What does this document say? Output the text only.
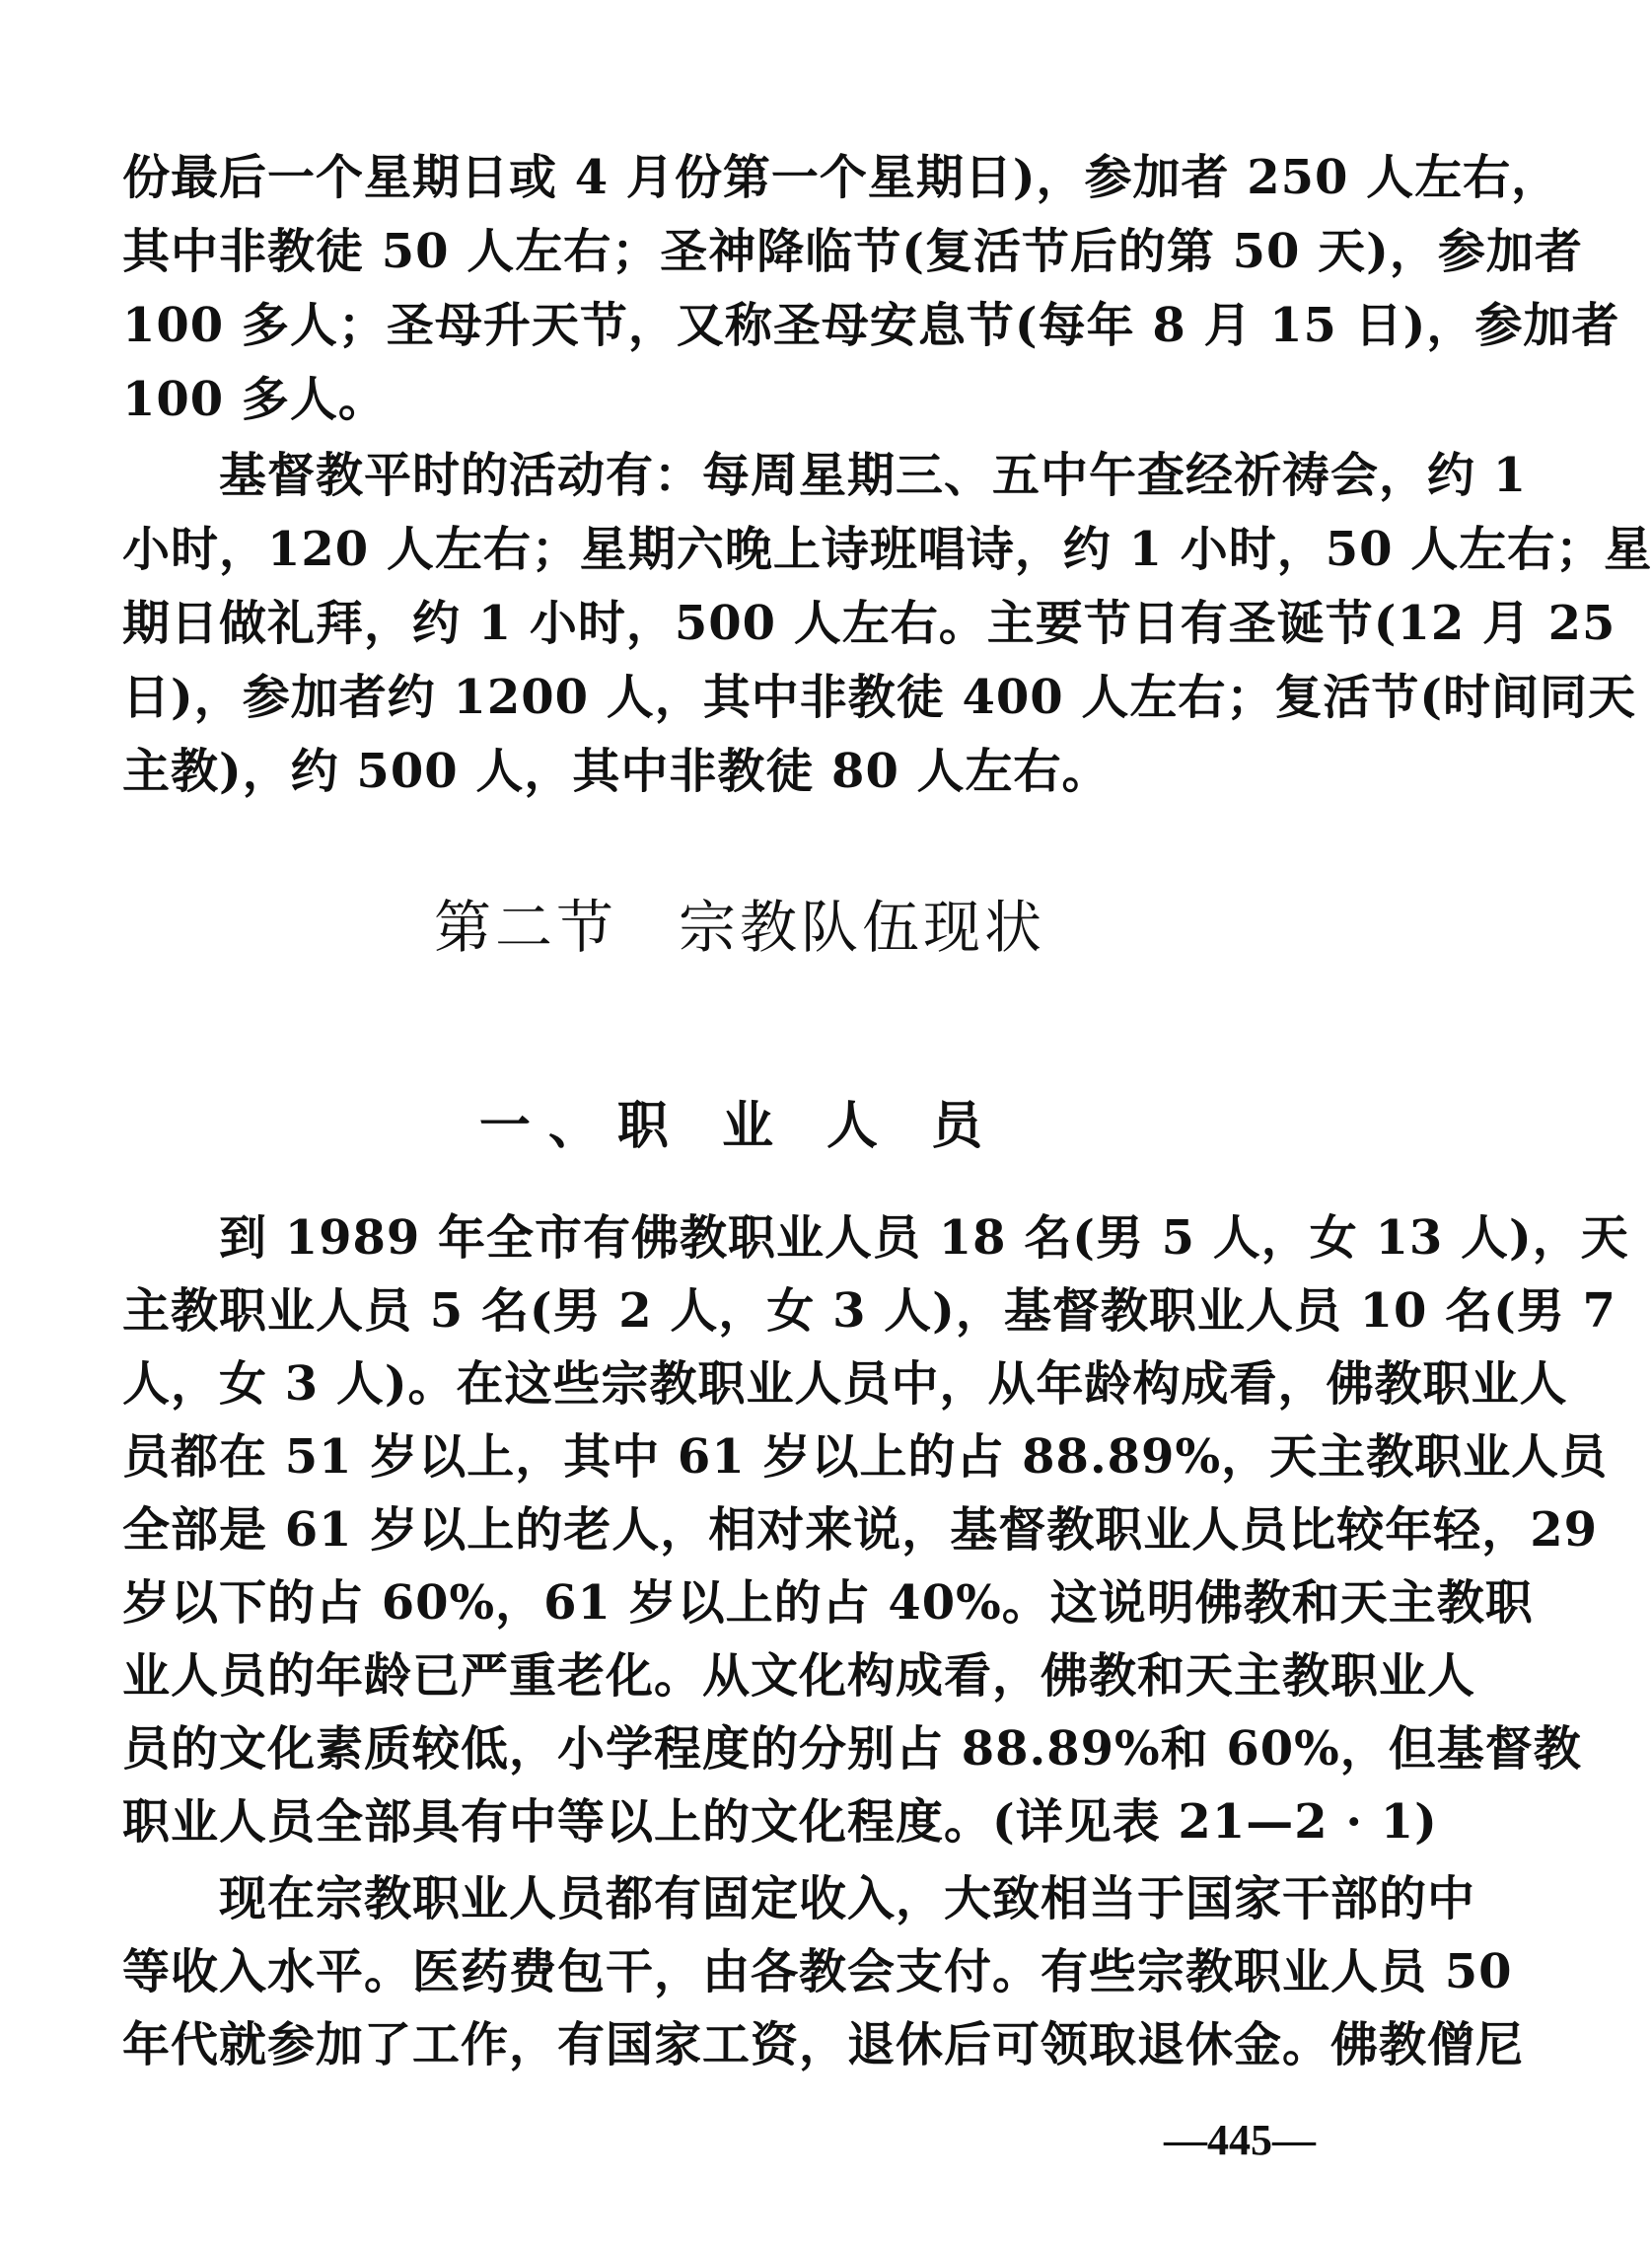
份最后一个星期日或 4 月份第一个星期日)，参加者 250 人左右，
其中非教徒 50 人左右；圣神降临节(复活节后的第 50 天)，参加者
100 多人；圣母升天节，又称圣母安息节(每年 8 月 15 日)，参加者
100 多人。
　　基督教平时的活动有：每周星期三、五中午查经祈祷会，约 1
小时，120 人左右；星期六晚上诗班唱诗，约 1 小时，50 人左右；星
期日做礼拜，约 1 小时，500 人左右。主要节日有圣诞节(12 月 25
日)，参加者约 1200 人，其中非教徒 400 人左右；复活节(时间同天
主教)，约 500 人，其中非教徒 80 人左右。
第二节　宗教队伍现状
一、职 业 人 员
　　到 1989 年全市有佛教职业人员 18 名(男 5 人，女 13 人)，天
主教职业人员 5 名(男 2 人，女 3 人)，基督教职业人员 10 名(男 7
人，女 3 人)。在这些宗教职业人员中，从年龄构成看，佛教职业人
员都在 51 岁以上，其中 61 岁以上的占 88.89%，天主教职业人员
全部是 61 岁以上的老人，相对来说，基督教职业人员比较年轻，29
岁以下的占 60%，61 岁以上的占 40%。这说明佛教和天主教职
业人员的年龄已严重老化。从文化构成看，佛教和天主教职业人
员的文化素质较低，小学程度的分别占 88.89%和 60%，但基督教
职业人员全部具有中等以上的文化程度。(详见表 21—2 · 1)
　　现在宗教职业人员都有固定收入，大致相当于国家干部的中
等收入水平。医药费包干，由各教会支付。有些宗教职业人员 50
年代就参加了工作，有国家工资，退休后可领取退休金。佛教僧尼
—445—
